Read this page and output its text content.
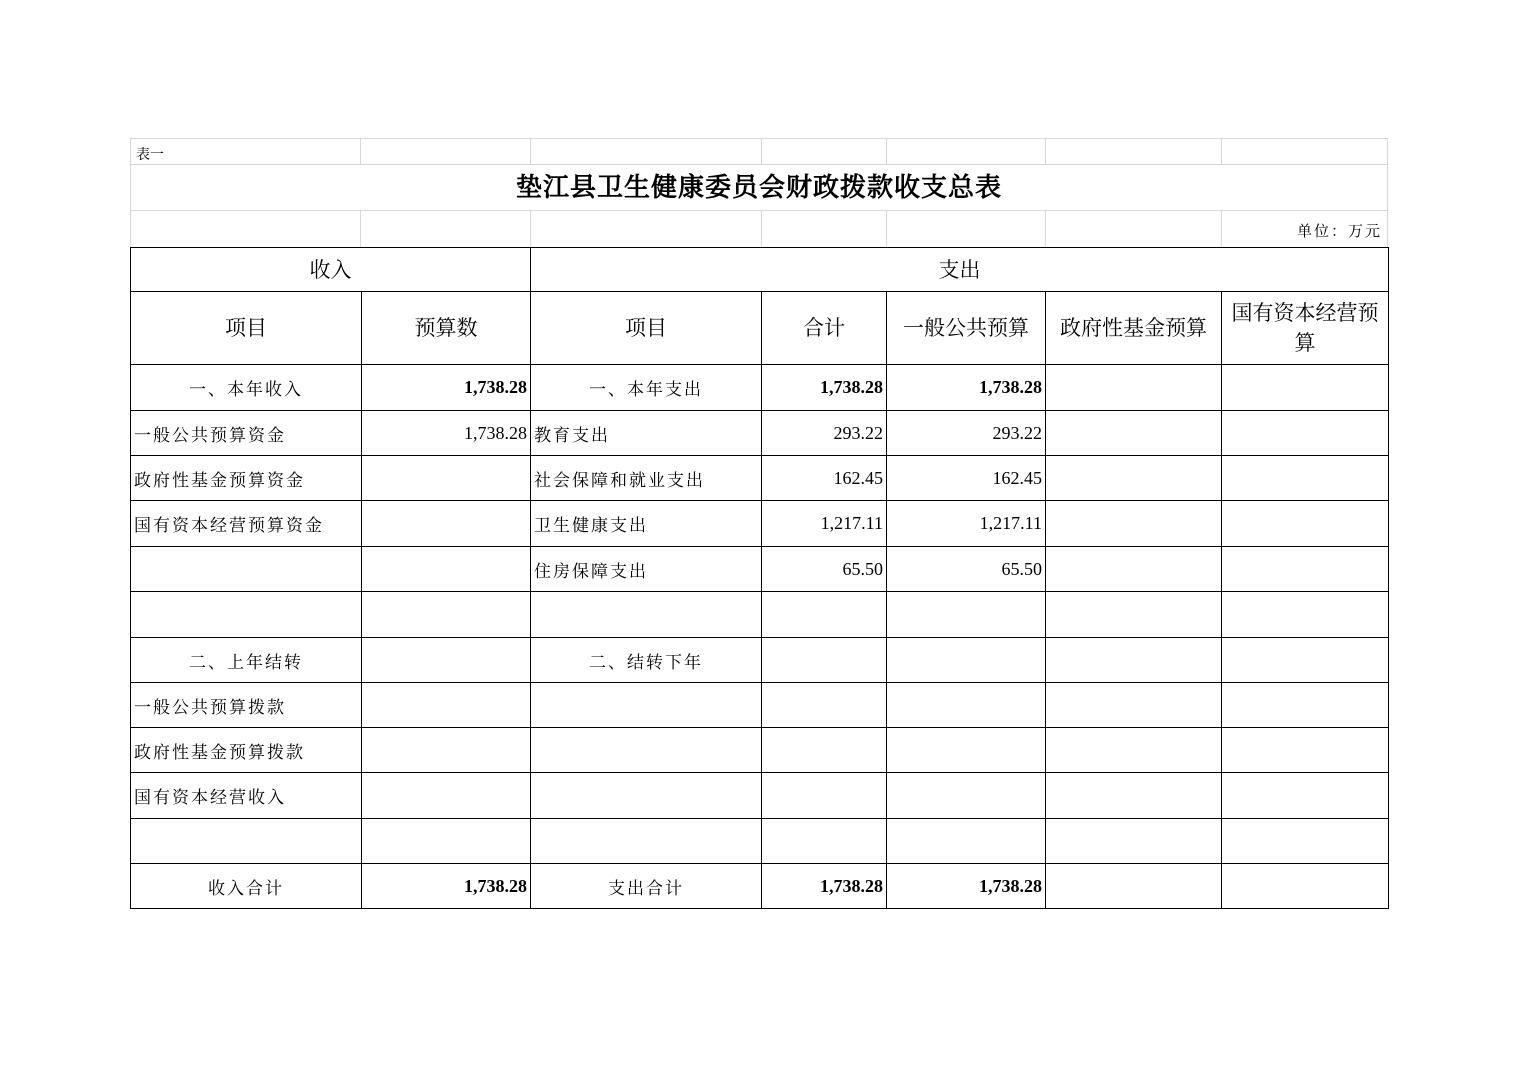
表一
垫江县卫生健康委员会财政拨款收支总表
单位：万元
收入		支出				
项目	预算数	项目	合计	一般公共预算	政府性基金预算	国有资本经营预算
一、本年收入	1,738.28	一、本年支出	1,738.28	1,738.28		
一般公共预算资金	1,738.28	教育支出	293.22	293.22		
政府性基金预算资金		社会保障和就业支出	162.45	162.45		
国有资本经营预算资金		卫生健康支出	1,217.11	1,217.11		
		住房保障支出	65.50	65.50		

二、上年结转		二、结转下年				
一般公共预算拨款						
政府性基金预算拨款						
国有资本经营收入						

收入合计	1,738.28	支出合计	1,738.28	1,738.28		
